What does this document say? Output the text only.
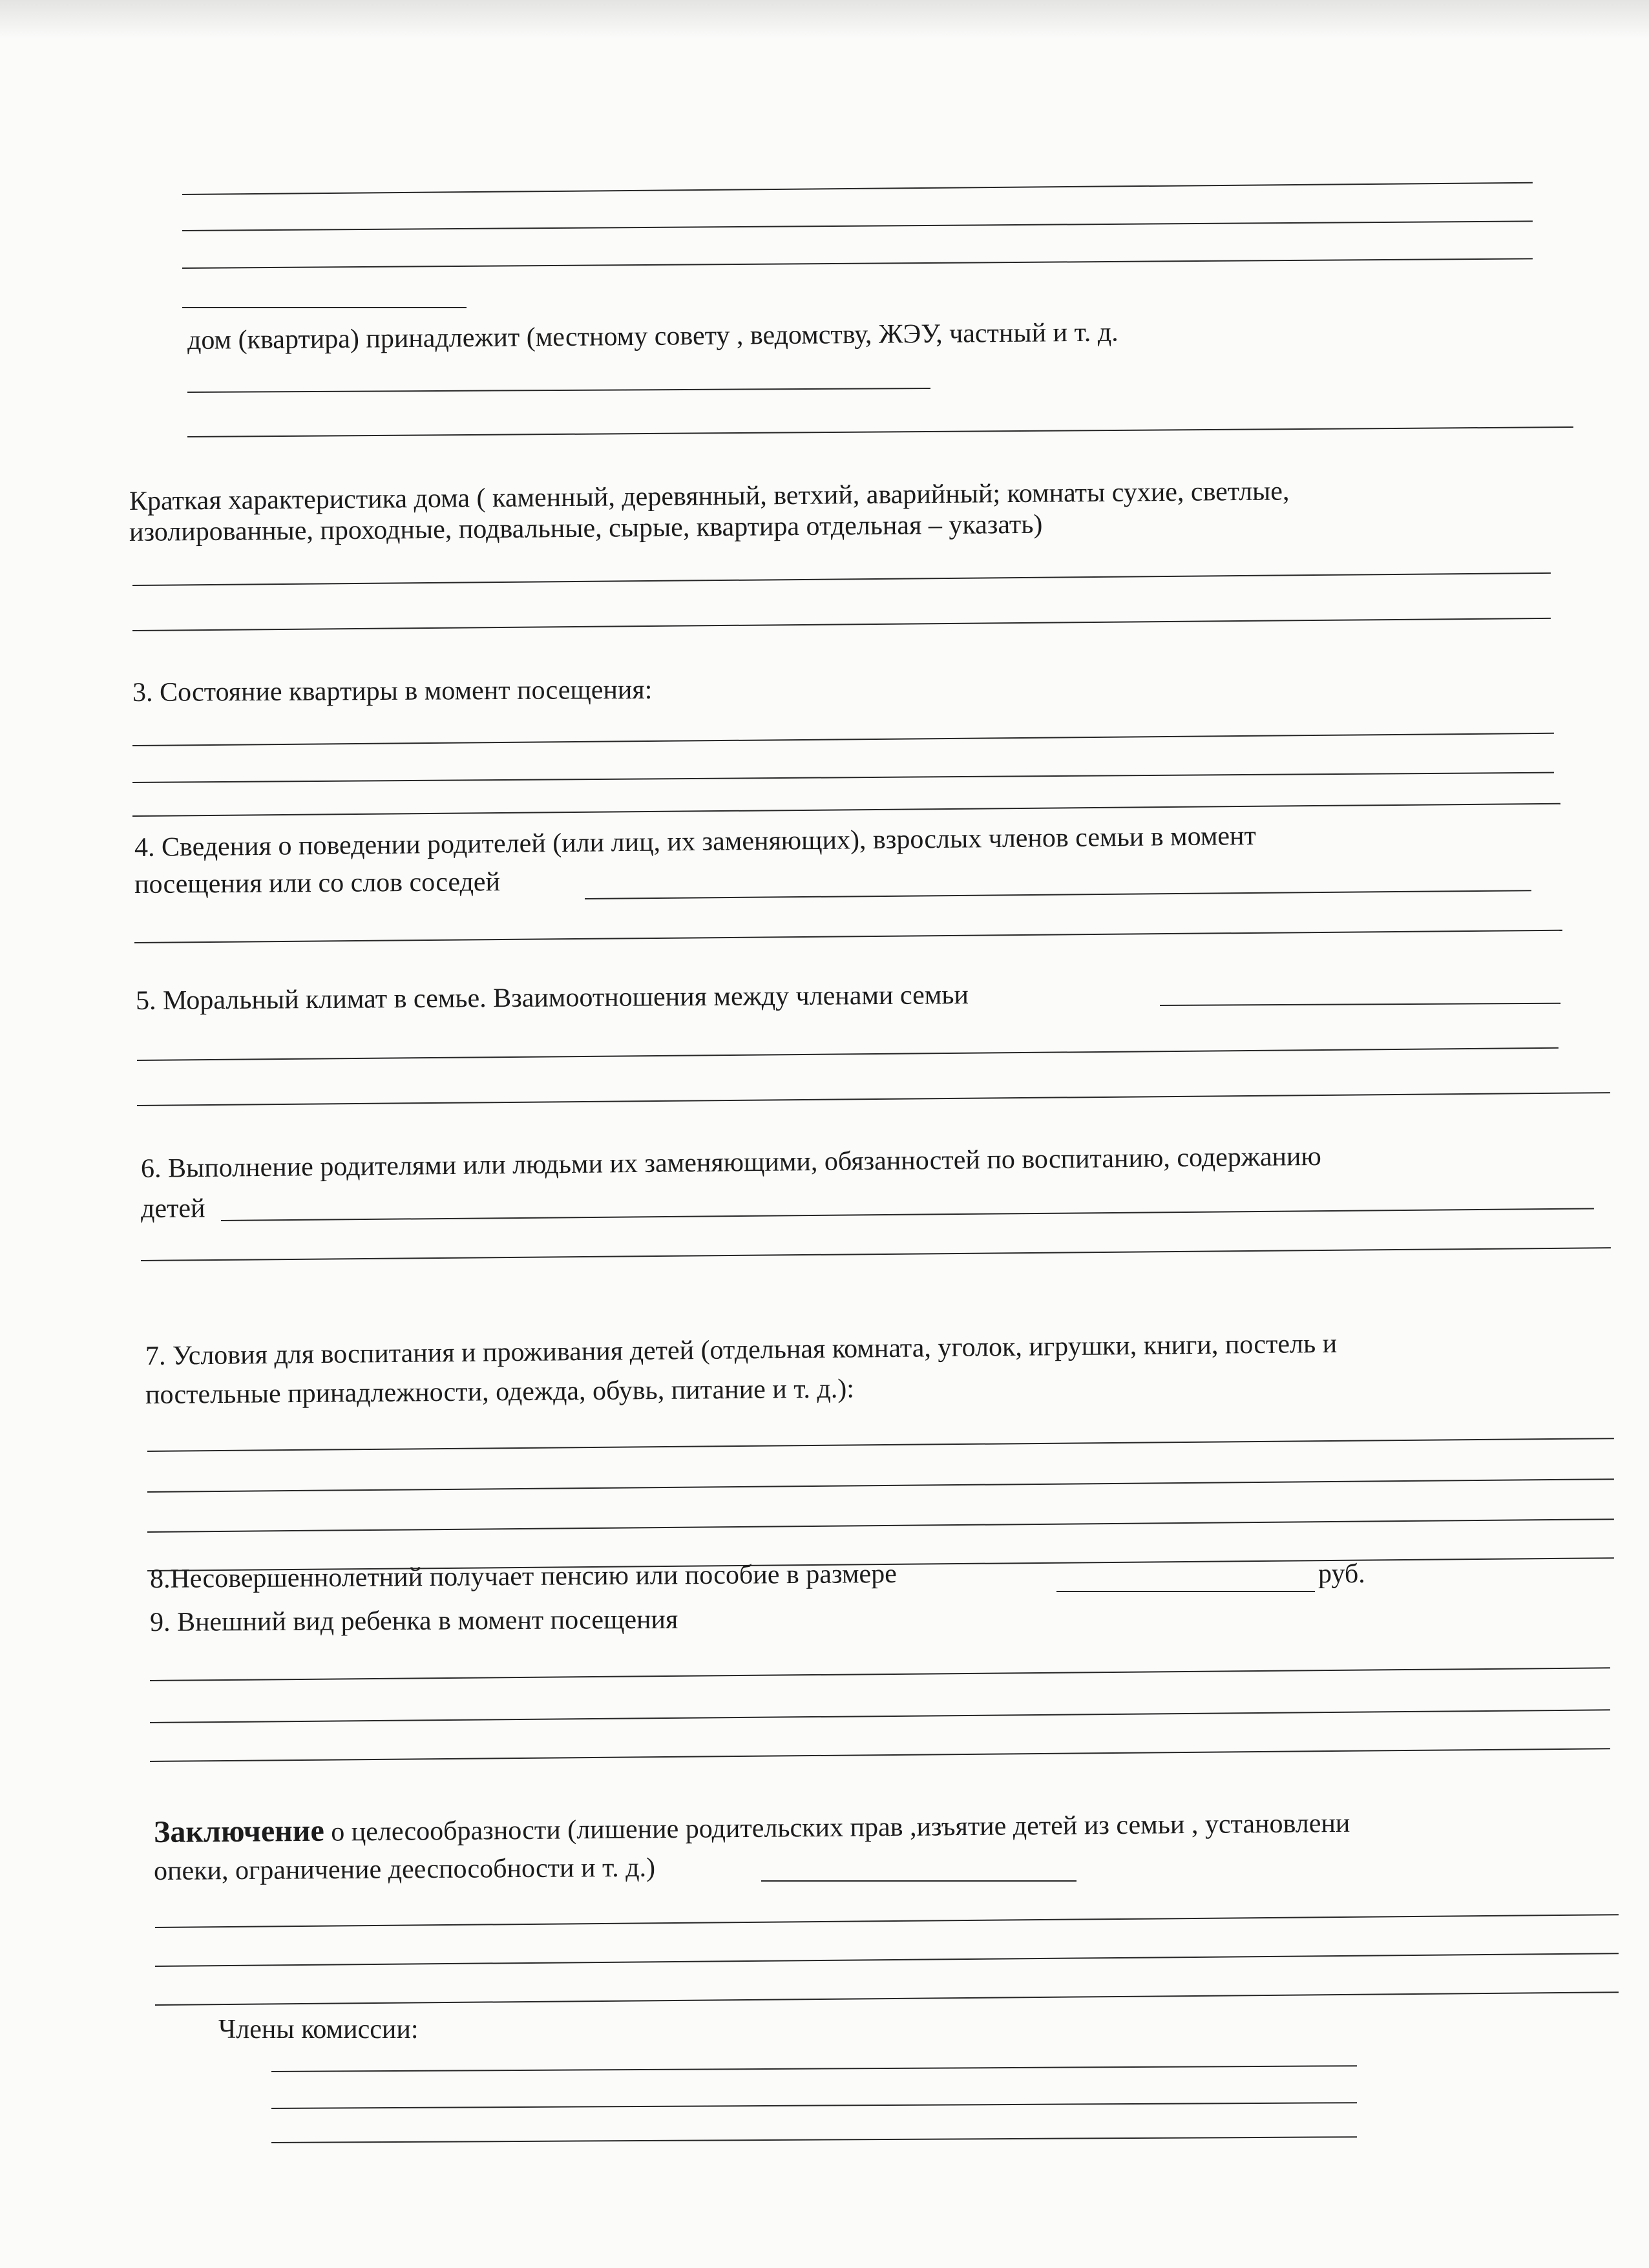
дом (квартира) принадлежит (местному совету , ведомству, ЖЭУ, частный и т. д.
Краткая характеристика дома ( каменный, деревянный, ветхий, аварийный; комнаты сухие, светлые,
изолированные, проходные, подвальные, сырые, квартира отдельная – указать)
3. Состояние квартиры в момент посещения:
4. Сведения о поведении родителей (или лиц, их заменяющих), взрослых членов семьи в момент
посещения или со слов соседей
5. Моральный климат в семье. Взаимоотношения между членами семьи
6. Выполнение родителями или людьми их заменяющими, обязанностей по воспитанию, содержанию
детей
7. Условия для воспитания и проживания детей (отдельная комната, уголок, игрушки, книги, постель и
постельные принадлежности, одежда, обувь, питание и т. д.):
8.Несовершеннолетний получает пенсию или пособие в размере	руб.
9. Внешний вид ребенка в момент посещения
Заключение о целесообразности (лишение родительских прав ,изъятие детей из семьи , установлени
опеки, ограничение дееспособности и т. д.)
Члены комиссии:
